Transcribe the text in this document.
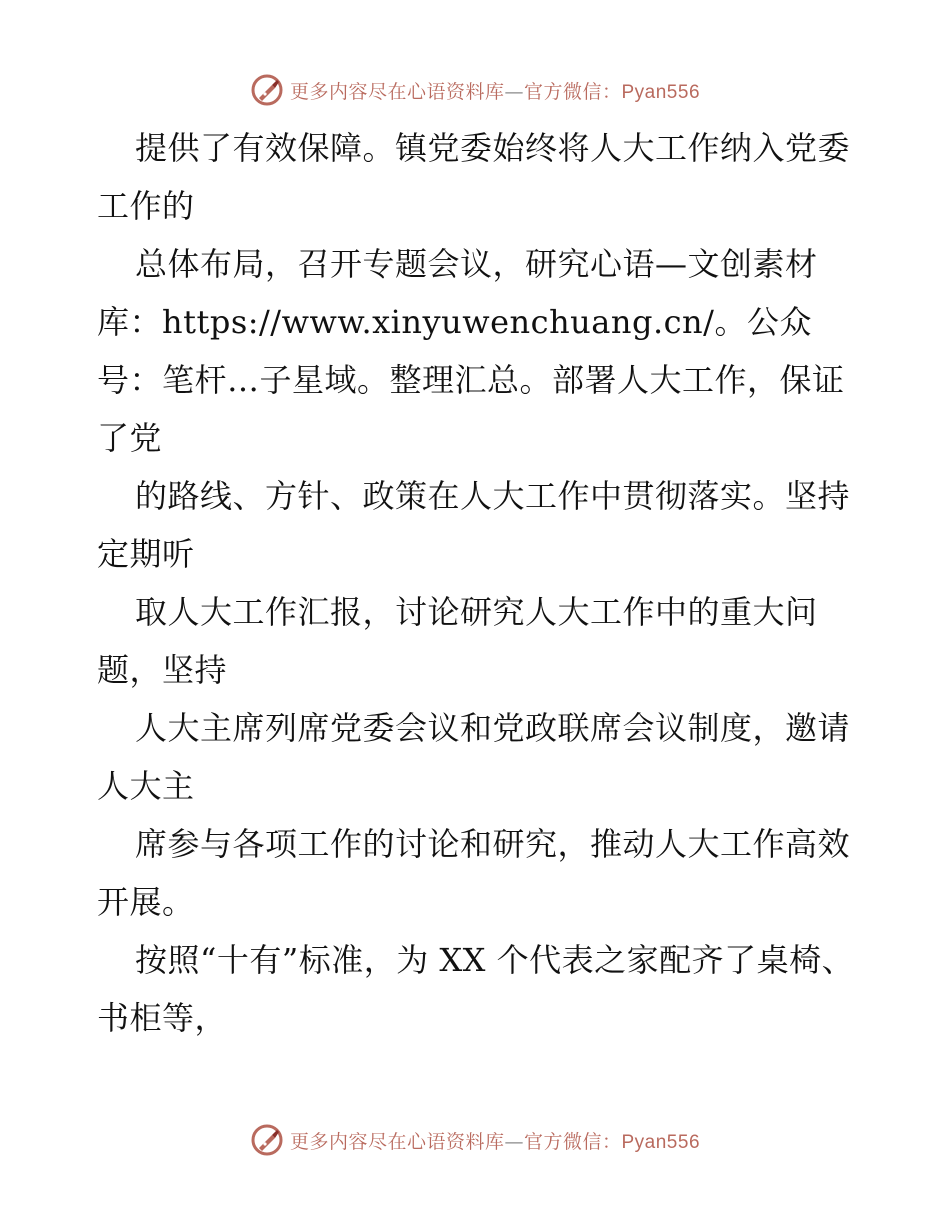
更多内容尽在心语资料库—官方微信：Pyan556

提供了有效保障。镇党委始终将人大工作纳入党委工作的

总体布局，召开专题会议，研究心语—文创素材库：https://www.xinyuwenchuang.cn/。公众号：笔杆…子星域。整理汇总。部署人大工作，保证了党

的路线、方针、政策在人大工作中贯彻落实。坚持定期听

取人大工作汇报，讨论研究人大工作中的重大问题，坚持

人大主席列席党委会议和党政联席会议制度，邀请人大主

席参与各项工作的讨论和研究，推动人大工作高效开展。

按照“十有”标准，为 XX 个代表之家配齐了桌椅、书柜等，

更多内容尽在心语资料库—官方微信：Pyan556
